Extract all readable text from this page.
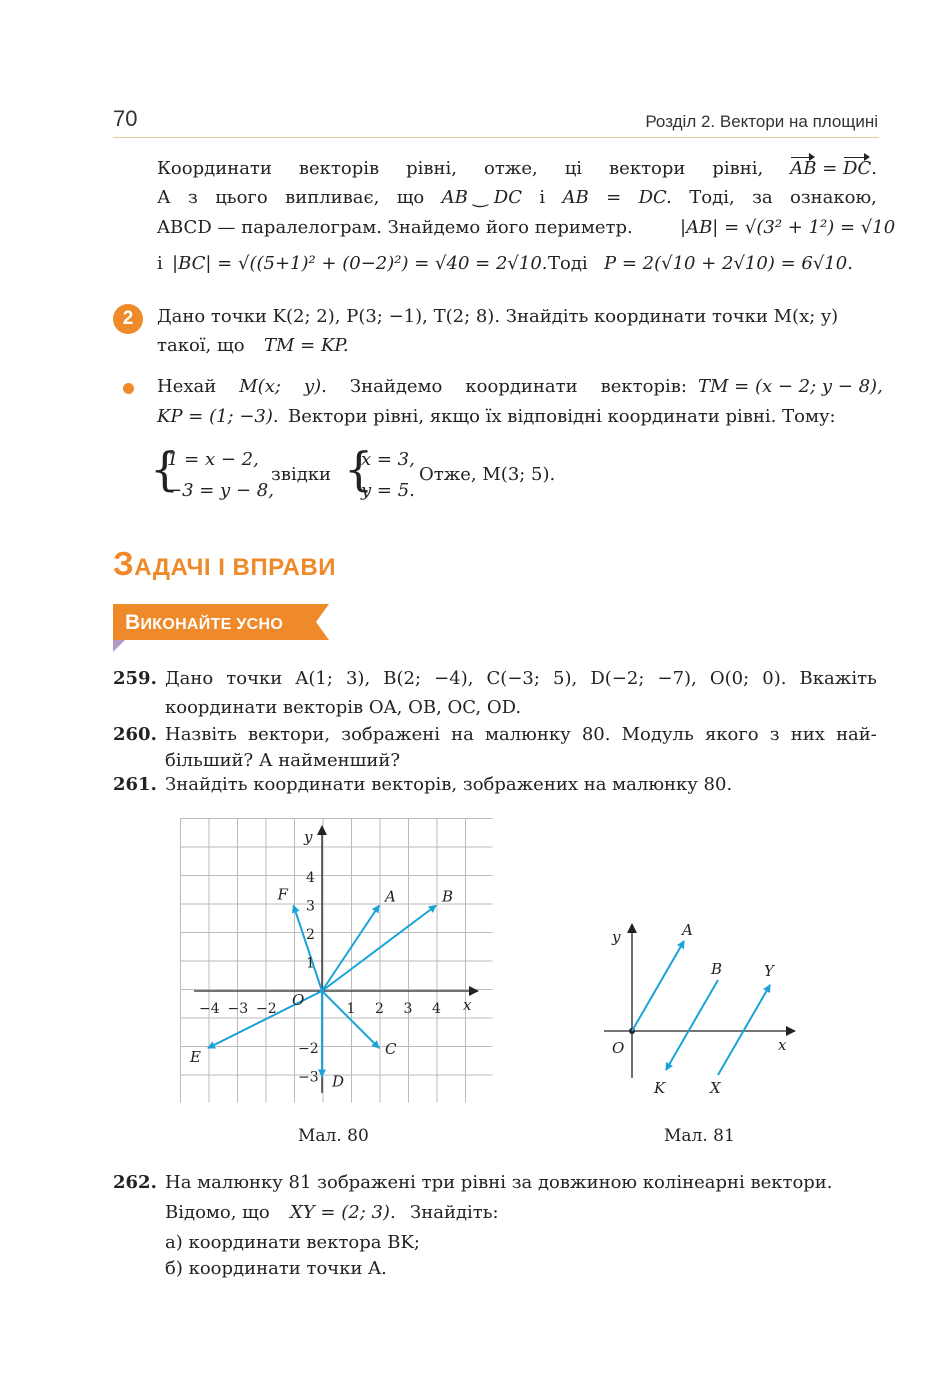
70	Розділ 2. Вектори на площині
Координати векторів рівні, отже, ці вектори рівні, AB = DC.
А з цього випливає, що AB ‿ DC і AB = DC. Тоді, за ознакою,
ABCD — паралелограм. Знайдемо його периметр.	|AB| = √(3² + 1²) = √10
і |BC| = √((5+1)² + (0−2)²) = √40 = 2√10. Тоді P = 2(√10 + 2√10) = 6√10.
2	Дано точки K(2; 2), P(3; −1), T(2; 8). Знайдіть координати точки M(x; y)
такої, що TM = KP.
Нехай M(x; y). Знайдемо координати векторів: TM = (x − 2; y − 8),
KP = (1; −3). Вектори рівні, якщо їх відповідні координати рівні. Тому:
{
1 = x − 2,
−3 = y − 8,
звідки {
x = 3,
y = 5.
Отже, M(3; 5).
ЗАДАЧІ І ВПРАВИ
ВИКОНАЙТЕ УСНО
259. Дано точки A(1; 3), B(2; −4), C(−3; 5), D(−2; −7), O(0; 0). Вкажіть
координати векторів OA, OB, OC, OD.
260. Назвіть вектори, зображені на малюнку 80. Модуль якого з них най-
більший? А найменший?
261. Знайдіть координати векторів, зображених на малюнку 80.
A	B
F
C
D
E
−4 −3 −2	1 2 3 4
4
3
2
1
−2
−3
y
x
O
Мал. 80
y
x
O
A
B	Y
K	X
Мал. 81
262. На малюнку 81 зображені три рівні за довжиною колінеарні вектори.
Відомо, що XY = (2; 3). Знайдіть:
а) координати вектора BK;
б) координати точки A.
